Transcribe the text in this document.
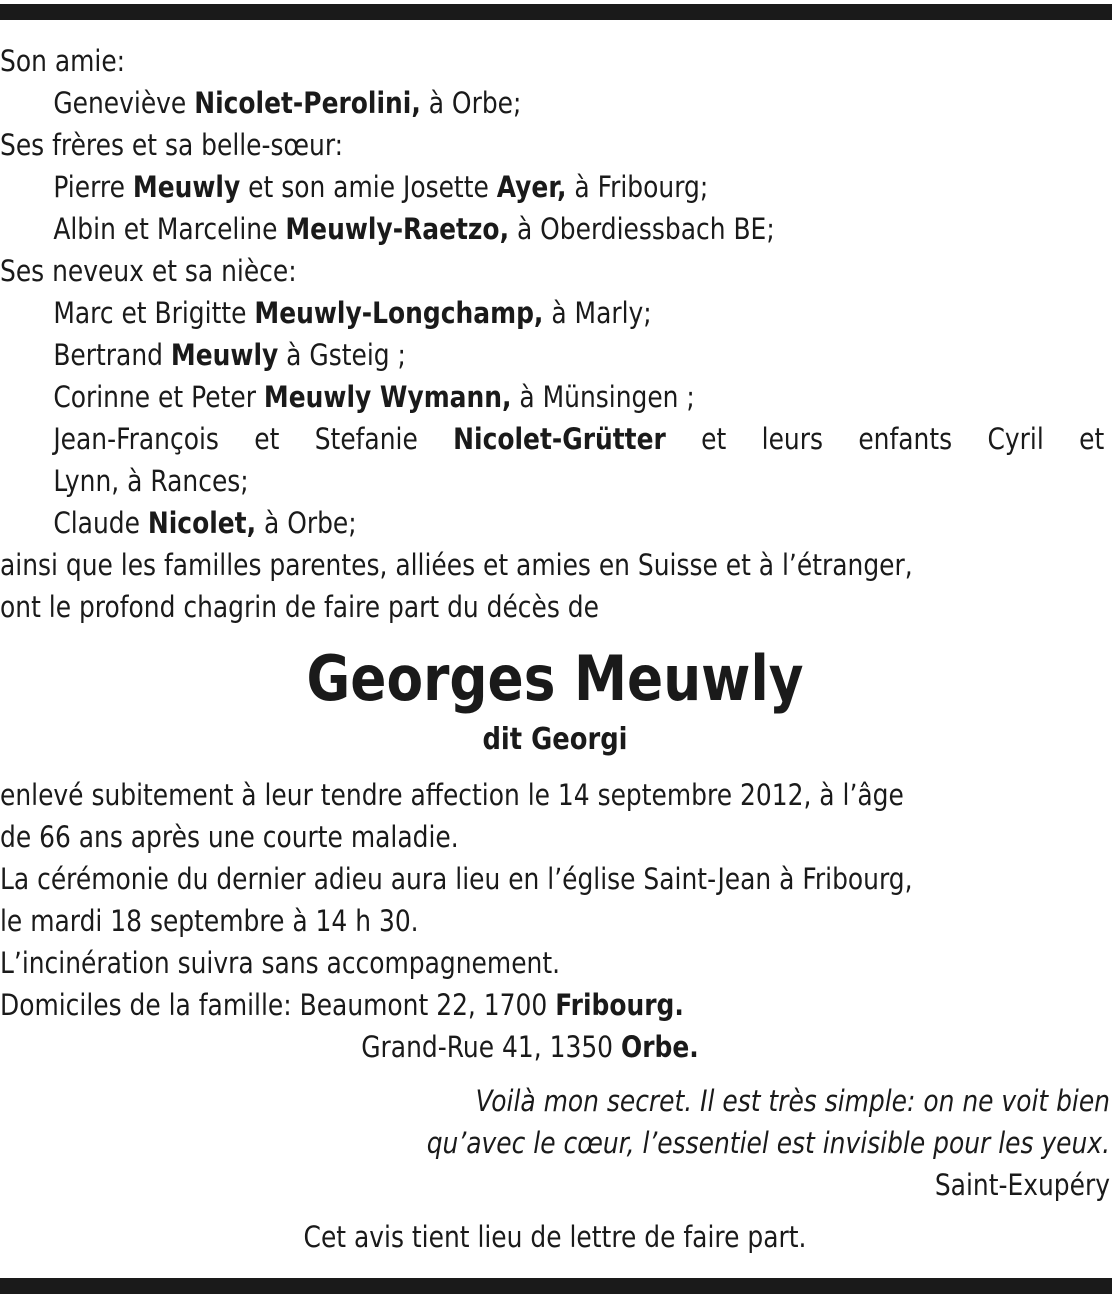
Son amie:
Geneviève Nicolet-Perolini, à Orbe;
Ses frères et sa belle-sœur:
Pierre Meuwly et son amie Josette Ayer, à Fribourg;
Albin et Marceline Meuwly-Raetzo, à Oberdiessbach BE;
Ses neveux et sa nièce:
Marc et Brigitte Meuwly-Longchamp, à Marly;
Bertrand Meuwly à Gsteig ;
Corinne et Peter Meuwly Wymann, à Münsingen ;
Jean-François et Stefanie Nicolet-Grütter et leurs enfants Cyril et
Lynn, à Rances;
Claude Nicolet, à Orbe;
ainsi que les familles parentes, alliées et amies en Suisse et à l’étranger,
ont le profond chagrin de faire part du décès de
Georges Meuwly
dit Georgi
enlevé subitement à leur tendre affection le 14 septembre 2012, à l’âge
de 66 ans après une courte maladie.
La cérémonie du dernier adieu aura lieu en l’église Saint-Jean à Fribourg,
le mardi 18 septembre à 14 h 30.
L’incinération suivra sans accompagnement.
Domiciles de la famille: Beaumont 22, 1700 Fribourg.
Grand-Rue 41, 1350 Orbe.
Voilà mon secret. Il est très simple: on ne voit bien
qu’avec le cœur, l’essentiel est invisible pour les yeux.
Saint-Exupéry
Cet avis tient lieu de lettre de faire part.
